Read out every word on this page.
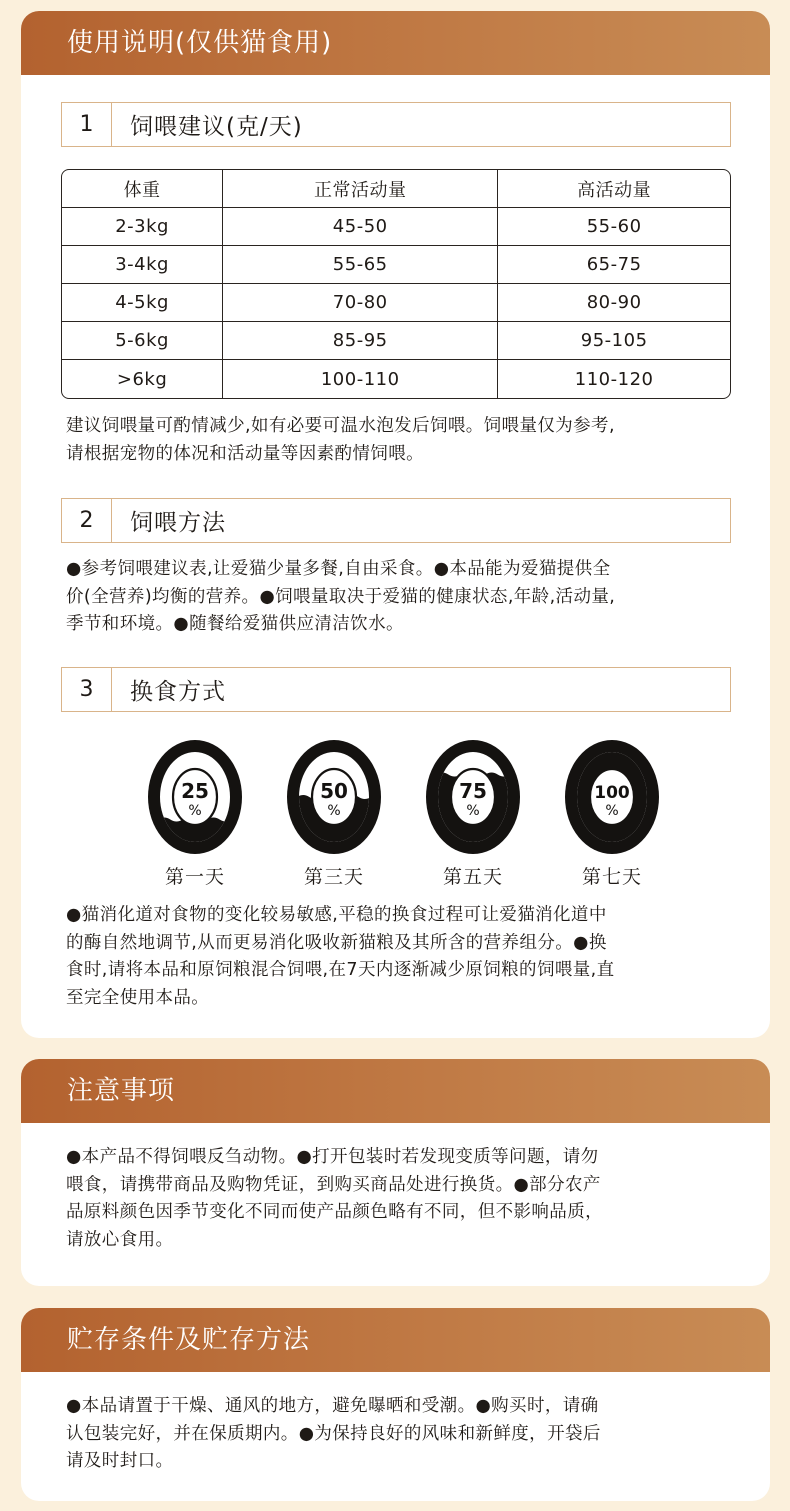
使用说明(仅供猫食用)
1	饲喂建议(克/天)
体重	正常活动量	高活动量
2-3kg	45-50	55-60
3-4kg	55-65	65-75
4-5kg	70-80	80-90
5-6kg	85-95	95-105
>6kg	100-110	110-120
建议饲喂量可酌情减少,如有必要可温水泡发后饲喂。饲喂量仅为参考,
请根据宠物的体况和活动量等因素酌情饲喂。
2	饲喂方法
●参考饲喂建议表,让爱猫少量多餐,自由采食。●本品能为爱猫提供全
价(全营养)均衡的营养。●饲喂量取决于爱猫的健康状态,年龄,活动量,
季节和环境。●随餐给爱猫供应清洁饮水。
3	换食方式
25
%
第一天
50
%
第三天
75
%
第五天
100
%
第七天
●猫消化道对食物的变化较易敏感,平稳的换食过程可让爱猫消化道中
的酶自然地调节,从而更易消化吸收新猫粮及其所含的营养组分。●换
食时,请将本品和原饲粮混合饲喂,在7天内逐渐减少原饲粮的饲喂量,直
至完全使用本品。
注意事项
●本产品不得饲喂反刍动物。●打开包装时若发现变质等问题，请勿
喂食，请携带商品及购物凭证，到购买商品处进行换货。●部分农产
品原料颜色因季节变化不同而使产品颜色略有不同，但不影响品质，
请放心食用。
贮存条件及贮存方法
●本品请置于干燥、通风的地方，避免曝晒和受潮。●购买时，请确
认包装完好，并在保质期内。●为保持良好的风味和新鲜度，开袋后
请及时封口。
